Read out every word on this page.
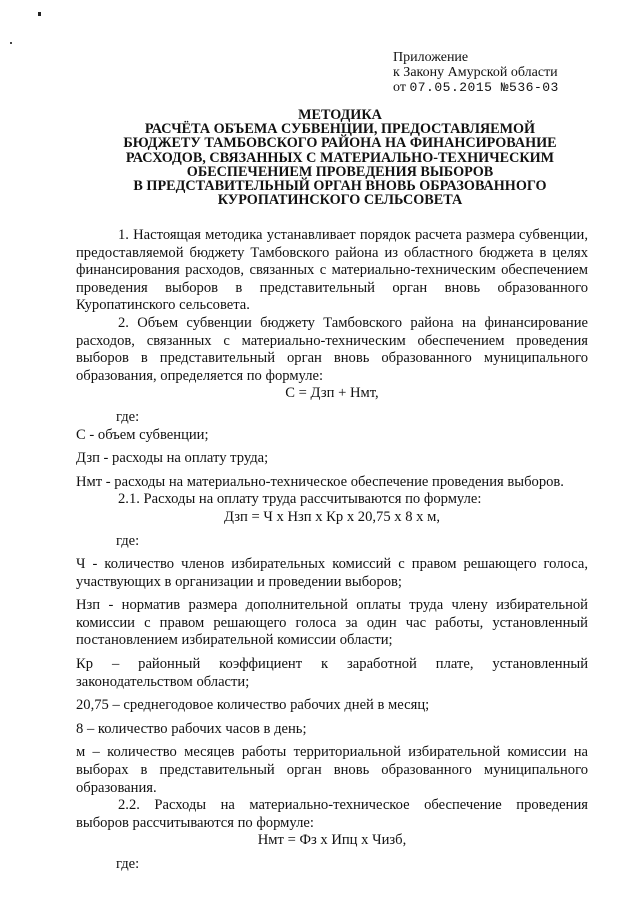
Приложение
к Закону Амурской области
от 07.05.2015 №536-03
МЕТОДИКА
РАСЧЁТА ОБЪЕМА СУБВЕНЦИИ, ПРЕДОСТАВЛЯЕМОЙ
БЮДЖЕТУ ТАМБОВСКОГО РАЙОНА НА ФИНАНСИРОВАНИЕ
РАСХОДОВ, СВЯЗАННЫХ С МАТЕРИАЛЬНО-ТЕХНИЧЕСКИМ
ОБЕСПЕЧЕНИЕМ ПРОВЕДЕНИЯ ВЫБОРОВ
В ПРЕДСТАВИТЕЛЬНЫЙ ОРГАН ВНОВЬ ОБРАЗОВАННОГО
КУРОПАТИНСКОГО СЕЛЬСОВЕТА

1. Настоящая методика устанавливает порядок расчета размера субвенции, предоставляемой бюджету Тамбовского района из областного бюджета в целях финансирования расходов, связанных с материально-техническим обеспечением проведения выборов в представительный орган вновь образованного Куропатинского сельсовета.

2. Объем субвенции бюджету Тамбовского района на финансирование расходов, связанных с материально-техническим обеспечением проведения выборов в представительный орган вновь образованного муниципального образования, определяется по формуле:

С = Дзп + Нмт,

где:

С - объем субвенции;

Дзп - расходы на оплату труда;

Нмт - расходы на материально-техническое обеспечение проведения выборов.

2.1. Расходы на оплату труда рассчитываются по формуле:

Дзп = Ч х Нзп х Кр х 20,75 х 8 х м,

где:

Ч - количество членов избирательных комиссий с правом решающего голоса, участвующих в организации и проведении выборов;

Нзп - норматив размера дополнительной оплаты труда члену избирательной комиссии с правом решающего голоса за один час работы, установленный постановлением избирательной комиссии области;

Кр – районный коэффициент к заработной плате, установленный законодательством области;

20,75 – среднегодовое количество рабочих дней в месяц;

8 – количество рабочих часов в день;

м – количество месяцев работы территориальной избирательной комиссии на выборах в представительный орган вновь образованного муниципального образования.

2.2. Расходы на материально-техническое обеспечение проведения выборов рассчитываются по формуле:

Нмт = Фз х Ипц х Чизб,

где:
